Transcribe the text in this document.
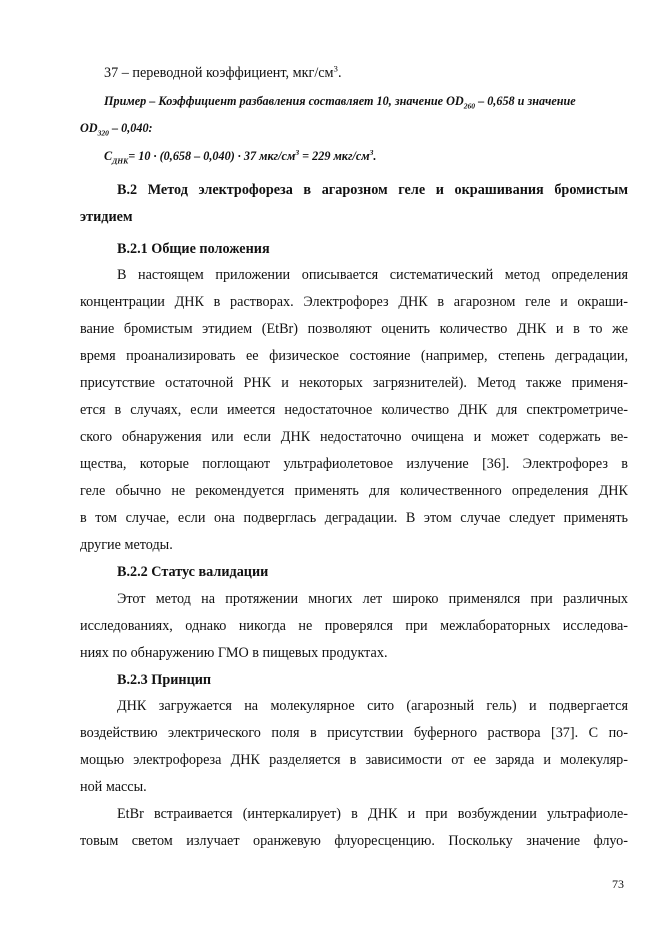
37 – переводной коэффициент, мкг/$см^3$.
Пример – Коэффициент разбавления составляет 10, значение $OD_{260} - 0,658$ и значение
$OD_{320} - 0,040$:
$C_{ДНК}= 10 \cdot (0,658 - 0,040) \cdot 37$ мкг/$см^3 = 229$ мкг/$см^3$.
В.2 Метод электрофореза в агарозном геле и окрашивания бромистым
этидием
В.2.1 Общие положения
В настоящем приложении описывается систематический метод определения
концентрации ДНК в растворах. Электрофорез ДНК в агарозном геле и окраши-
вание бромистым этидием (EtBr) позволяют оценить количество ДНК и в то же
время проанализировать ее физическое состояние (например, степень деградации,
присутствие остаточной РНК и некоторых загрязнителей). Метод также применя-
ется в случаях, если имеется недостаточное количество ДНК для спектрометриче-
ского обнаружения или если ДНК недостаточно очищена и может содержать ве-
щества, которые поглощают ультрафиолетовое излучение [36]. Электрофорез в
геле обычно не рекомендуется применять для количественного определения ДНК
в том случае, если она подверглась деградации. В этом случае следует применять
другие методы.
В.2.2 Статус валидации
Этот метод на протяжении многих лет широко применялся при различных
исследованиях, однако никогда не проверялся при межлабораторных исследова-
ниях по обнаружению ГМО в пищевых продуктах.
В.2.3 Принцип
ДНК загружается на молекулярное сито (агарозный гель) и подвергается
воздействию электрического поля в присутствии буферного раствора [37]. С по-
мощью электрофореза ДНК разделяется в зависимости от ее заряда и молекуляр-
ной массы.
EtBr встраивается (интеркалирует) в ДНК и при возбуждении ультрафиоле-
товым светом излучает оранжевую флуоресценцию. Поскольку значение флуо-
73
